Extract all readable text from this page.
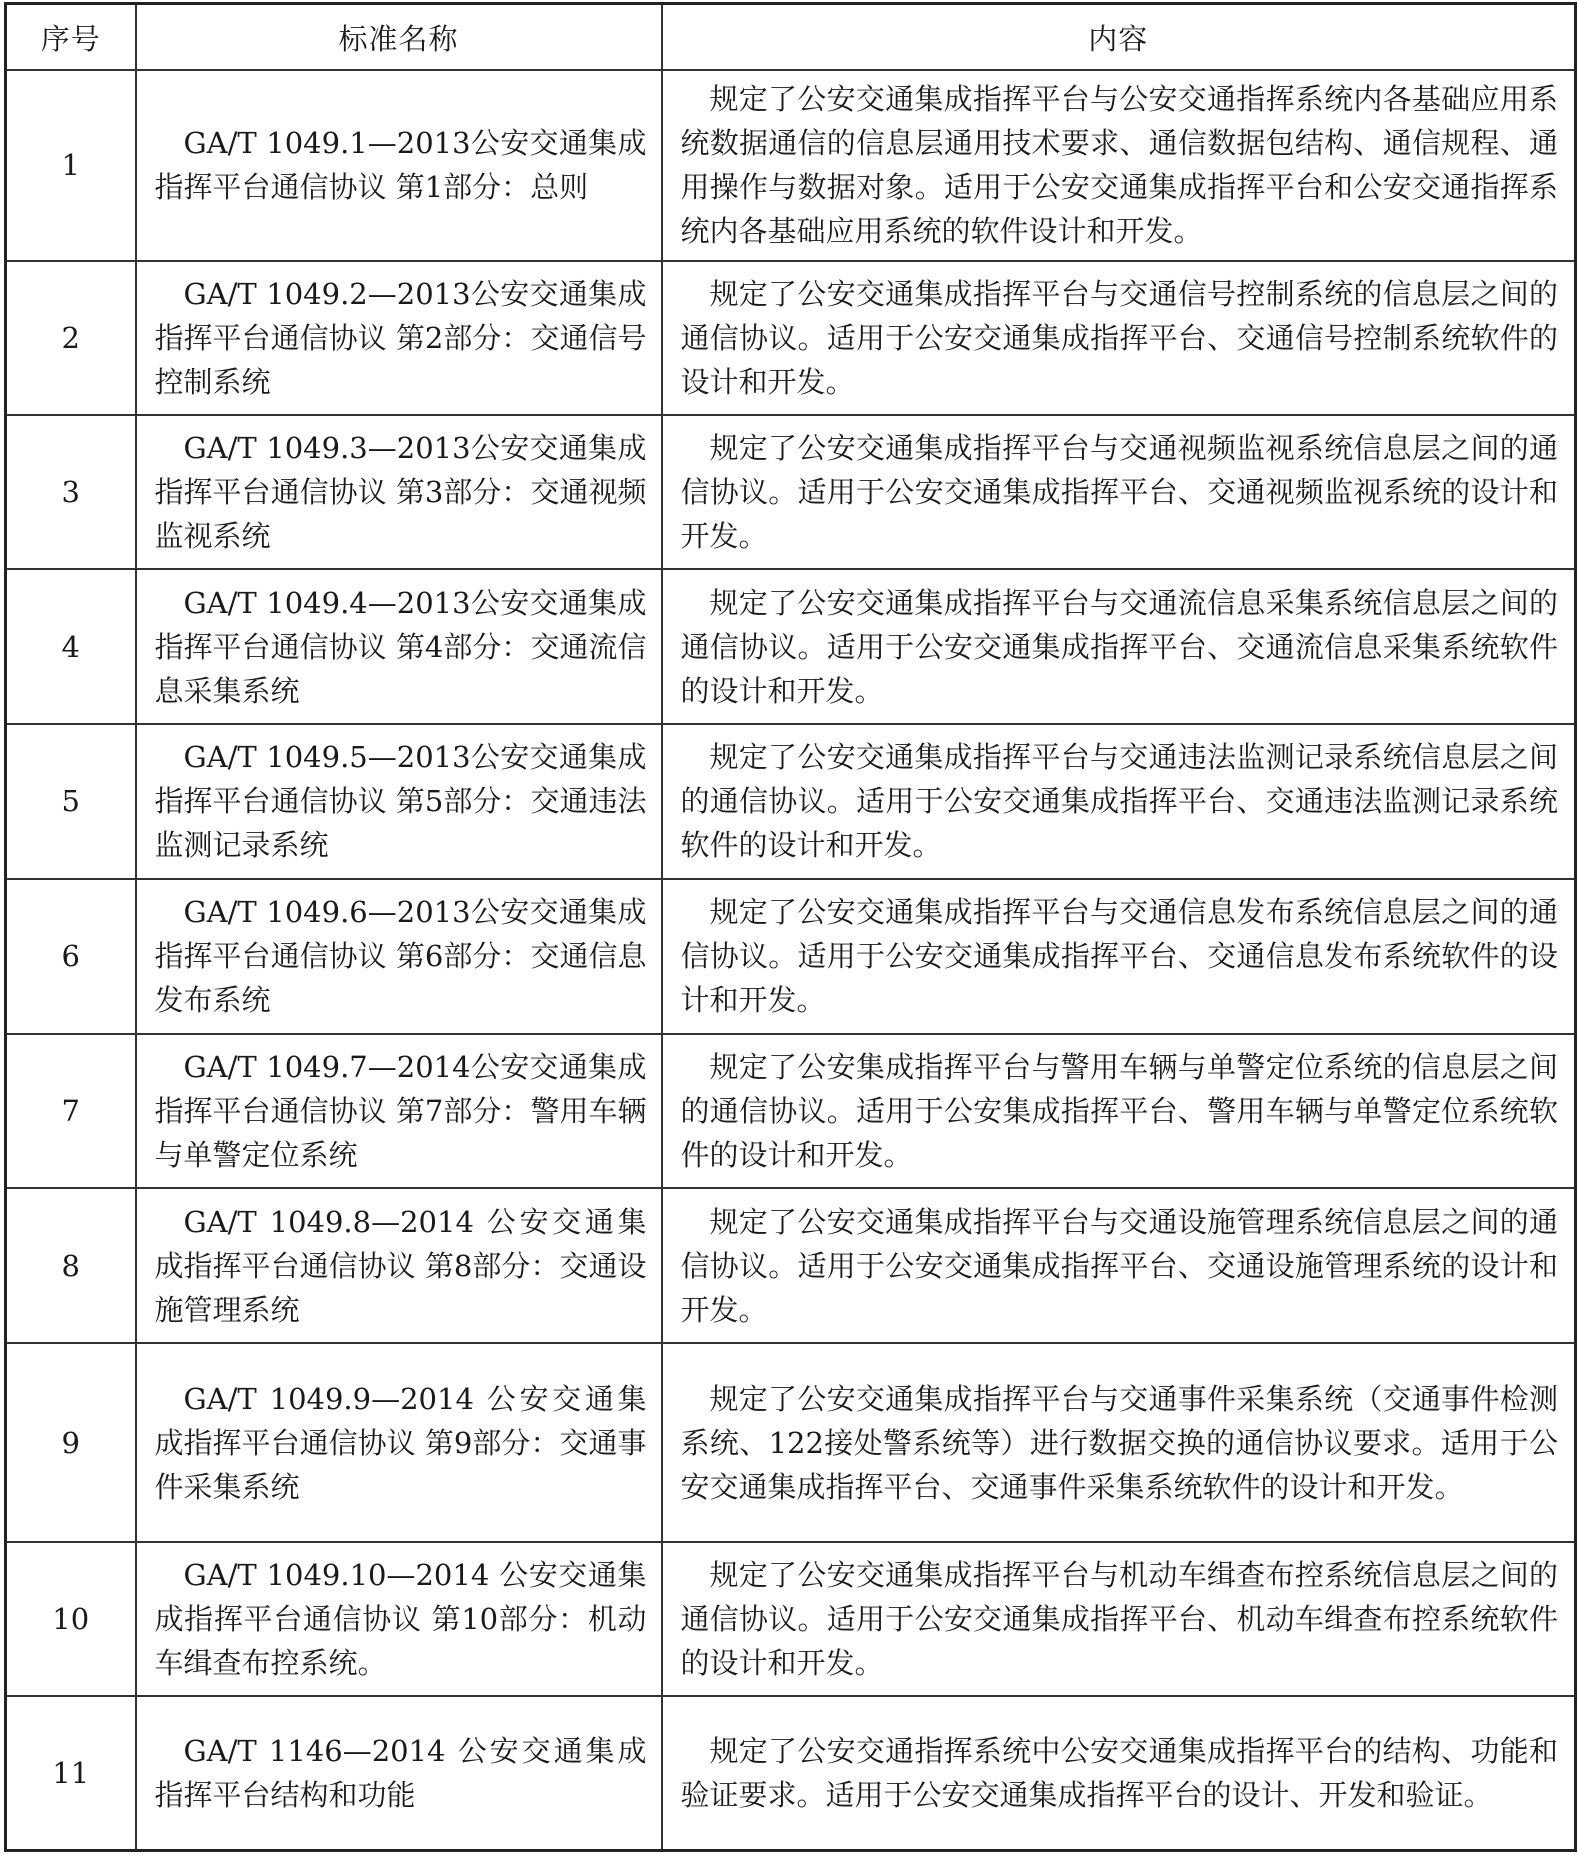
序号	标准名称	内容
1	GA/T 1049.1—2013公安交通集成指挥平台通信协议 第1部分：总则	规定了公安交通集成指挥平台与公安交通指挥系统内各基础应用系统数据通信的信息层通用技术要求、通信数据包结构、通信规程、通用操作与数据对象。适用于公安交通集成指挥平台和公安交通指挥系统内各基础应用系统的软件设计和开发。
2	GA/T 1049.2—2013公安交通集成指挥平台通信协议 第2部分：交通信号控制系统	规定了公安交通集成指挥平台与交通信号控制系统的信息层之间的通信协议。适用于公安交通集成指挥平台、交通信号控制系统软件的设计和开发。
3	GA/T 1049.3—2013公安交通集成指挥平台通信协议 第3部分：交通视频监视系统	规定了公安交通集成指挥平台与交通视频监视系统信息层之间的通信协议。适用于公安交通集成指挥平台、交通视频监视系统的设计和开发。
4	GA/T 1049.4—2013公安交通集成指挥平台通信协议 第4部分：交通流信息采集系统	规定了公安交通集成指挥平台与交通流信息采集系统信息层之间的通信协议。适用于公安交通集成指挥平台、交通流信息采集系统软件的设计和开发。
5	GA/T 1049.5—2013公安交通集成指挥平台通信协议 第5部分：交通违法监测记录系统	规定了公安交通集成指挥平台与交通违法监测记录系统信息层之间的通信协议。适用于公安交通集成指挥平台、交通违法监测记录系统软件的设计和开发。
6	GA/T 1049.6—2013公安交通集成指挥平台通信协议 第6部分：交通信息发布系统	规定了公安交通集成指挥平台与交通信息发布系统信息层之间的通信协议。适用于公安交通集成指挥平台、交通信息发布系统软件的设计和开发。
7	GA/T 1049.7—2014公安交通集成指挥平台通信协议 第7部分：警用车辆与单警定位系统	规定了公安集成指挥平台与警用车辆与单警定位系统的信息层之间的通信协议。适用于公安集成指挥平台、警用车辆与单警定位系统软件的设计和开发。
8	GA/T 1049.8—2014 公安交通集成指挥平台通信协议 第8部分：交通设施管理系统	规定了公安交通集成指挥平台与交通设施管理系统信息层之间的通信协议。适用于公安交通集成指挥平台、交通设施管理系统的设计和开发。
9	GA/T 1049.9—2014 公安交通集成指挥平台通信协议 第9部分：交通事件采集系统	规定了公安交通集成指挥平台与交通事件采集系统（交通事件检测系统、122接处警系统等）进行数据交换的通信协议要求。适用于公安交通集成指挥平台、交通事件采集系统软件的设计和开发。
10	GA/T 1049.10—2014 公安交通集成指挥平台通信协议 第10部分：机动车缉查布控系统。	规定了公安交通集成指挥平台与机动车缉查布控系统信息层之间的通信协议。适用于公安交通集成指挥平台、机动车缉查布控系统软件的设计和开发。
11	GA/T 1146—2014 公安交通集成指挥平台结构和功能	规定了公安交通指挥系统中公安交通集成指挥平台的结构、功能和验证要求。适用于公安交通集成指挥平台的设计、开发和验证。
